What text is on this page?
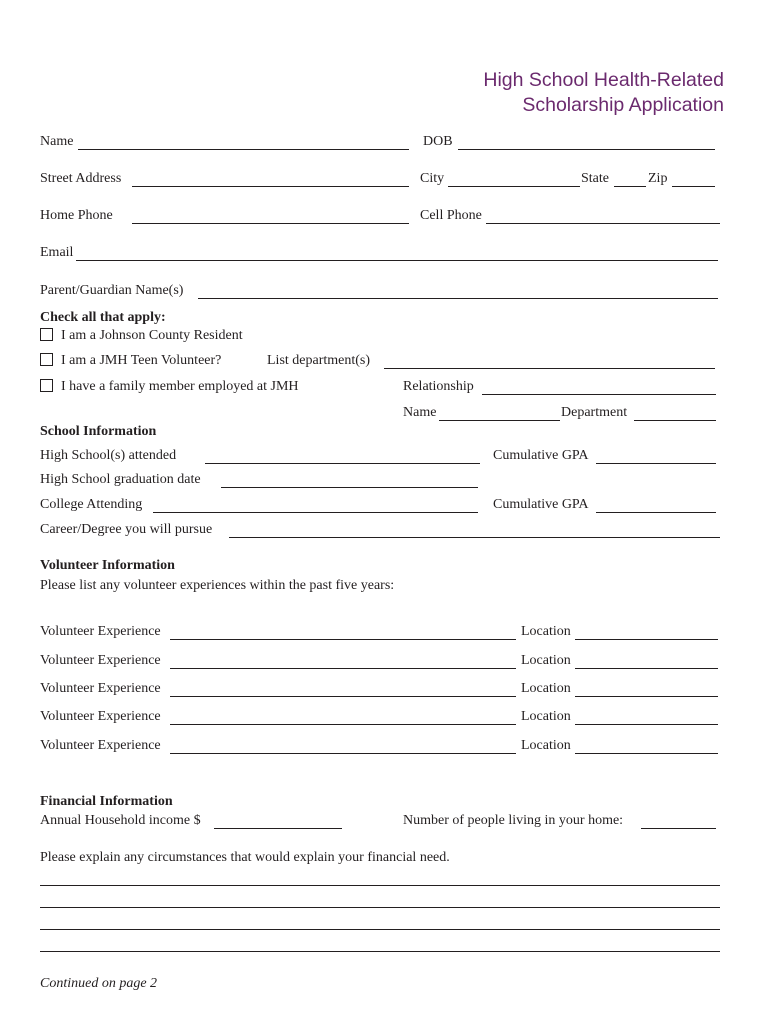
High School Health-Related
Scholarship Application
Name	DOB
Street Address	City	State	Zip
Home Phone	Cell Phone
Email
Parent/Guardian Name(s)
Check all that apply:
I am a Johnson County Resident
I am a JMH Teen Volunteer?	List department(s)
I have a family member employed at JMH	Relationship
Name	Department
School Information
High School(s) attended	Cumulative GPA
High School graduation date
College Attending	Cumulative GPA
Career/Degree you will pursue
Volunteer Information
Please list any volunteer experiences within the past five years:
Volunteer Experience	Location
Volunteer Experience	Location
Volunteer Experience	Location
Volunteer Experience	Location
Volunteer Experience	Location
Financial Information
Annual Household income $	Number of people living in your home:
Please explain any circumstances that would explain your financial need.
Continued on page 2
